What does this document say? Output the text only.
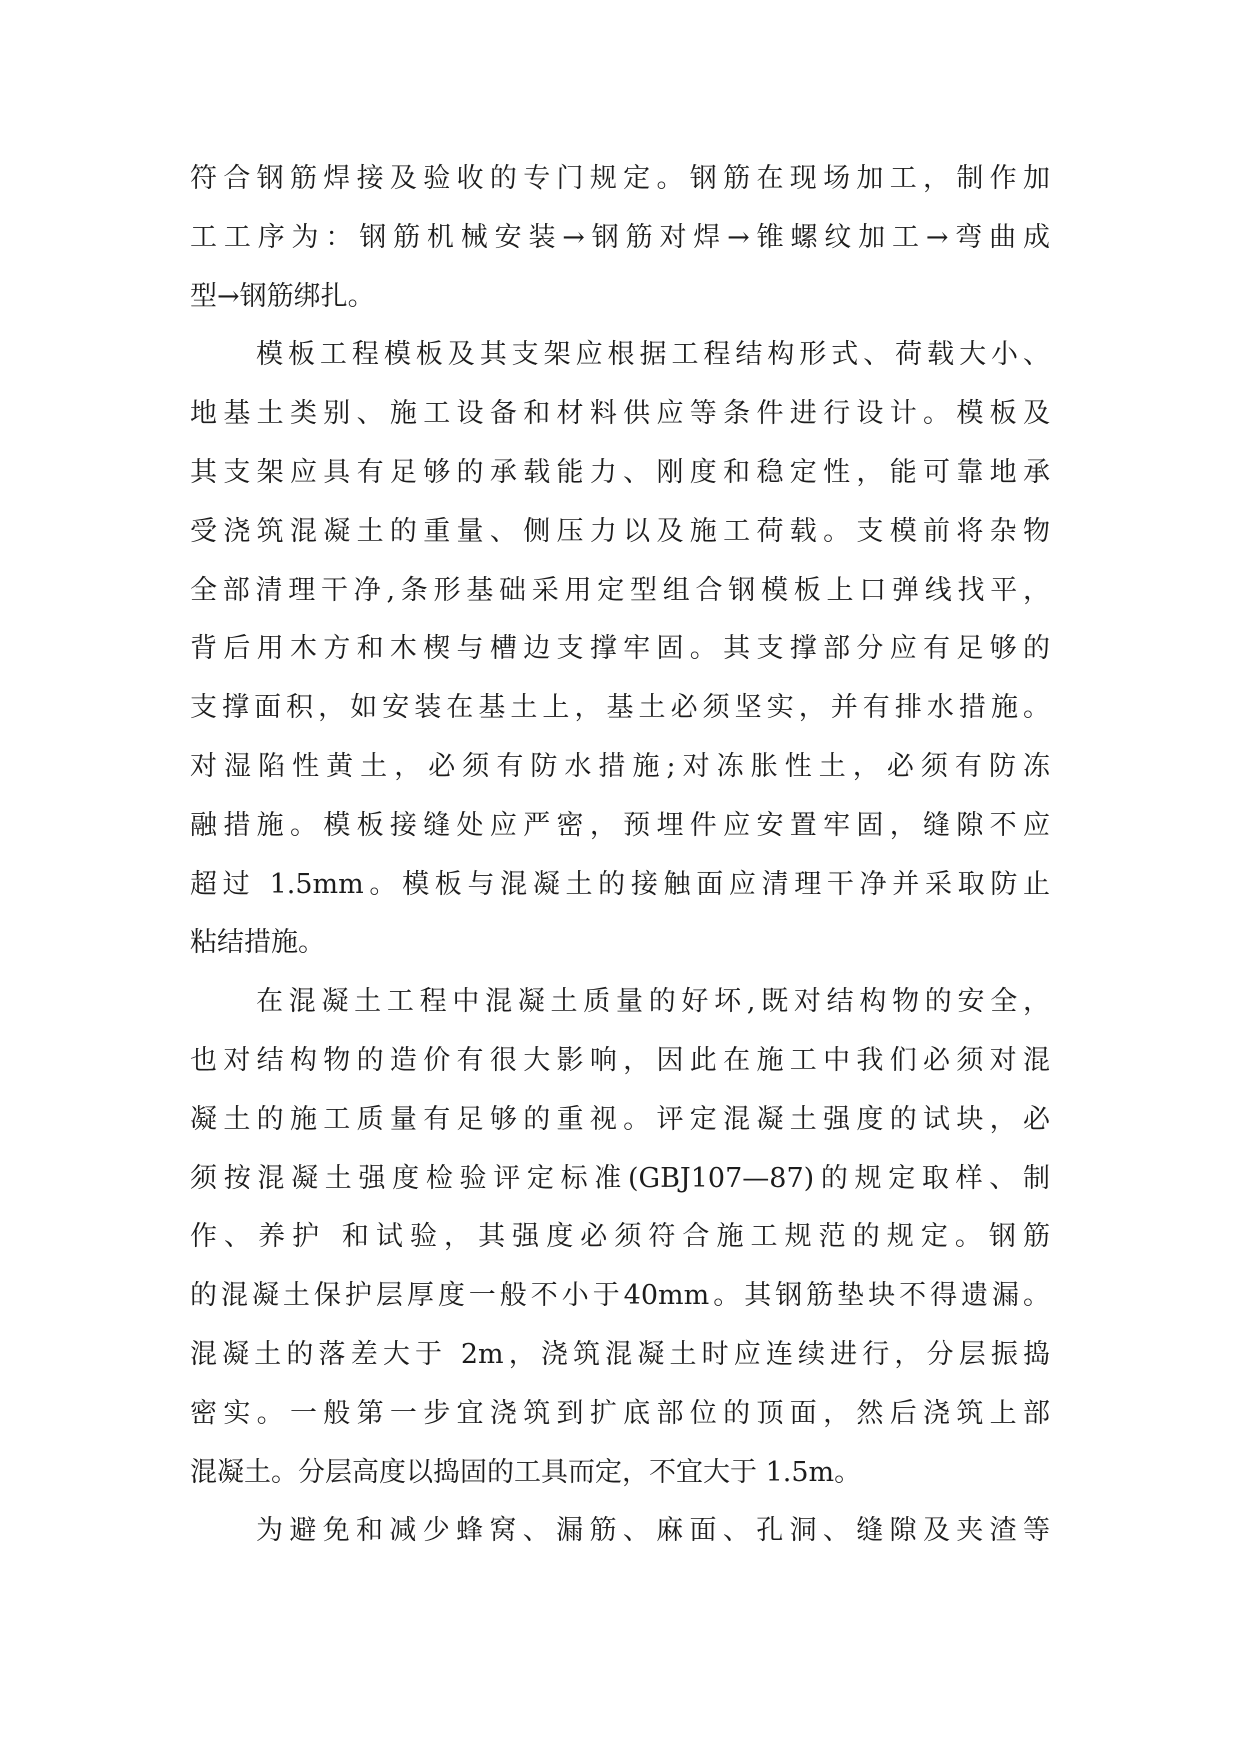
符合钢筋焊接及验收的专门规定。钢筋在现场加工，制作加
工工序为：钢筋机械安装→钢筋对焊→锥螺纹加工→弯曲成
型→钢筋绑扎。
模板工程模板及其支架应根据工程结构形式、荷载大小、
地基土类别、施工设备和材料供应等条件进行设计。模板及
其支架应具有足够的承载能力、刚度和稳定性，能可靠地承
受浇筑混凝土的重量、侧压力以及施工荷载。支模前将杂物
全部清理干净,条形基础采用定型组合钢模板上口弹线找平，
背后用木方和木楔与槽边支撑牢固。其支撑部分应有足够的
支撑面积，如安装在基土上，基土必须坚实，并有排水措施。
对湿陷性黄土，必须有防水措施;对冻胀性土，必须有防冻
融措施。模板接缝处应严密，预埋件应安置牢固，缝隙不应
超过 1.5mm。模板与混凝土的接触面应清理干净并采取防止
粘结措施。
在混凝土工程中混凝土质量的好坏,既对结构物的安全，
也对结构物的造价有很大影响，因此在施工中我们必须对混
凝土的施工质量有足够的重视。评定混凝土强度的试块，必
须按混凝土强度检验评定标准(GBJ107—87)的规定取样、制
作、养护 和试验，其强度必须符合施工规范的规定。钢筋
的混凝土保护层厚度一般不小于40mm。其钢筋垫块不得遗漏。
混凝土的落差大于 2m，浇筑混凝土时应连续进行，分层振捣
密实。一般第一步宜浇筑到扩底部位的顶面，然后浇筑上部
混凝土。分层高度以捣固的工具而定，不宜大于 1.5m。
为避免和减少蜂窝、漏筋、麻面、孔洞、缝隙及夹渣等
